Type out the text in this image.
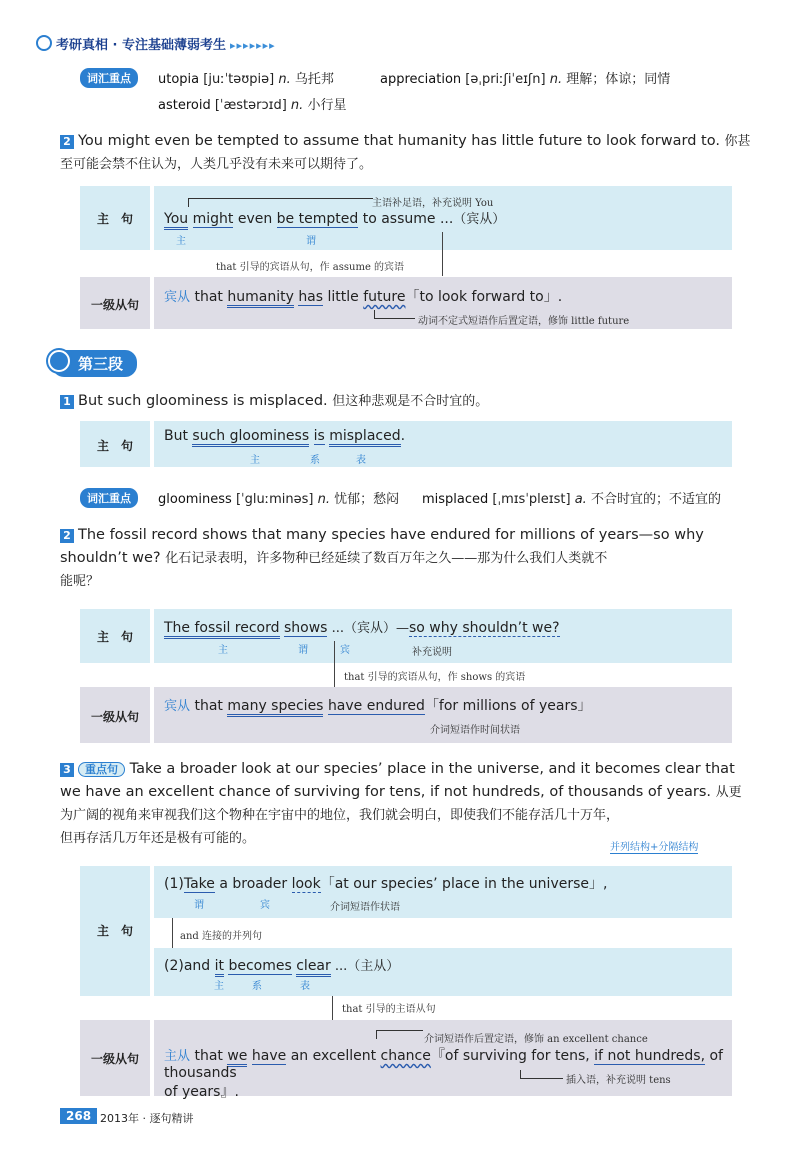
考研真相 · 专注基础薄弱考生 ▸▸▸▸▸▸▸
词汇重点	utopia [juːˈtəʊpiə] n. 乌托邦	appreciation [əˌpriːʃiˈeɪʃn] n. 理解；体谅；同情
asteroid [ˈæstərɔɪd] n. 小行星
2 You might even be tempted to assume that humanity has little future to look forward to. 你甚
至可能会禁不住认为，人类几乎没有未来可以期待了。
主　句
主语补足语，补充说明 You
You might even be tempted to assume ...（宾从）
主	谓
that 引导的宾语从句，作 assume 的宾语
一级从句	宾从 that humanity has little future「to look forward to」.
动词不定式短语作后置定语，修饰 little future
第三段
1 But such gloominess is misplaced. 但这种悲观是不合时宜的。
主　句
But such gloominess is misplaced.
主	系	表
词汇重点	gloominess [ˈgluːminəs] n. 忧郁；愁闷 misplaced [ˌmɪsˈpleɪst] a. 不合时宜的；不适宜的
2 The fossil record shows that many species have endured for millions of years—so why
shouldn’t we? 化石记录表明，许多物种已经延续了数百万年之久——那为什么我们人类就不
能呢？
主　句
The fossil record shows ...（宾从）—so why shouldn’t we?
主	谓	宾	补充说明
that 引导的宾语从句，作 shows 的宾语
一级从句
宾从 that many species have endured「for millions of years」
介词短语作时间状语
3 重点句 Take a broader look at our species’ place in the universe, and it becomes clear that
we have an excellent chance of surviving for tens, if not hundreds, of thousands of years. 从更
为广阔的视角来审视我们这个物种在宇宙中的地位，我们就会明白，即使我们不能存活几十万年，
但再存活几万年还是极有可能的。
并列结构+分隔结构
主　句
(1)Take a broader look「at our species’ place in the universe」,
谓	宾	介词短语作状语
and 连接的并列句
(2)and it becomes clear ...（主从）
主	系	表
that 引导的主语从句
一级从句
介词短语作后置定语，修饰 an excellent chance
主从 that we have an excellent chance『of surviving for tens, if not hundreds, of thousands
of years』.
插入语，补充说明 tens
268 2013年 · 逐句精讲
